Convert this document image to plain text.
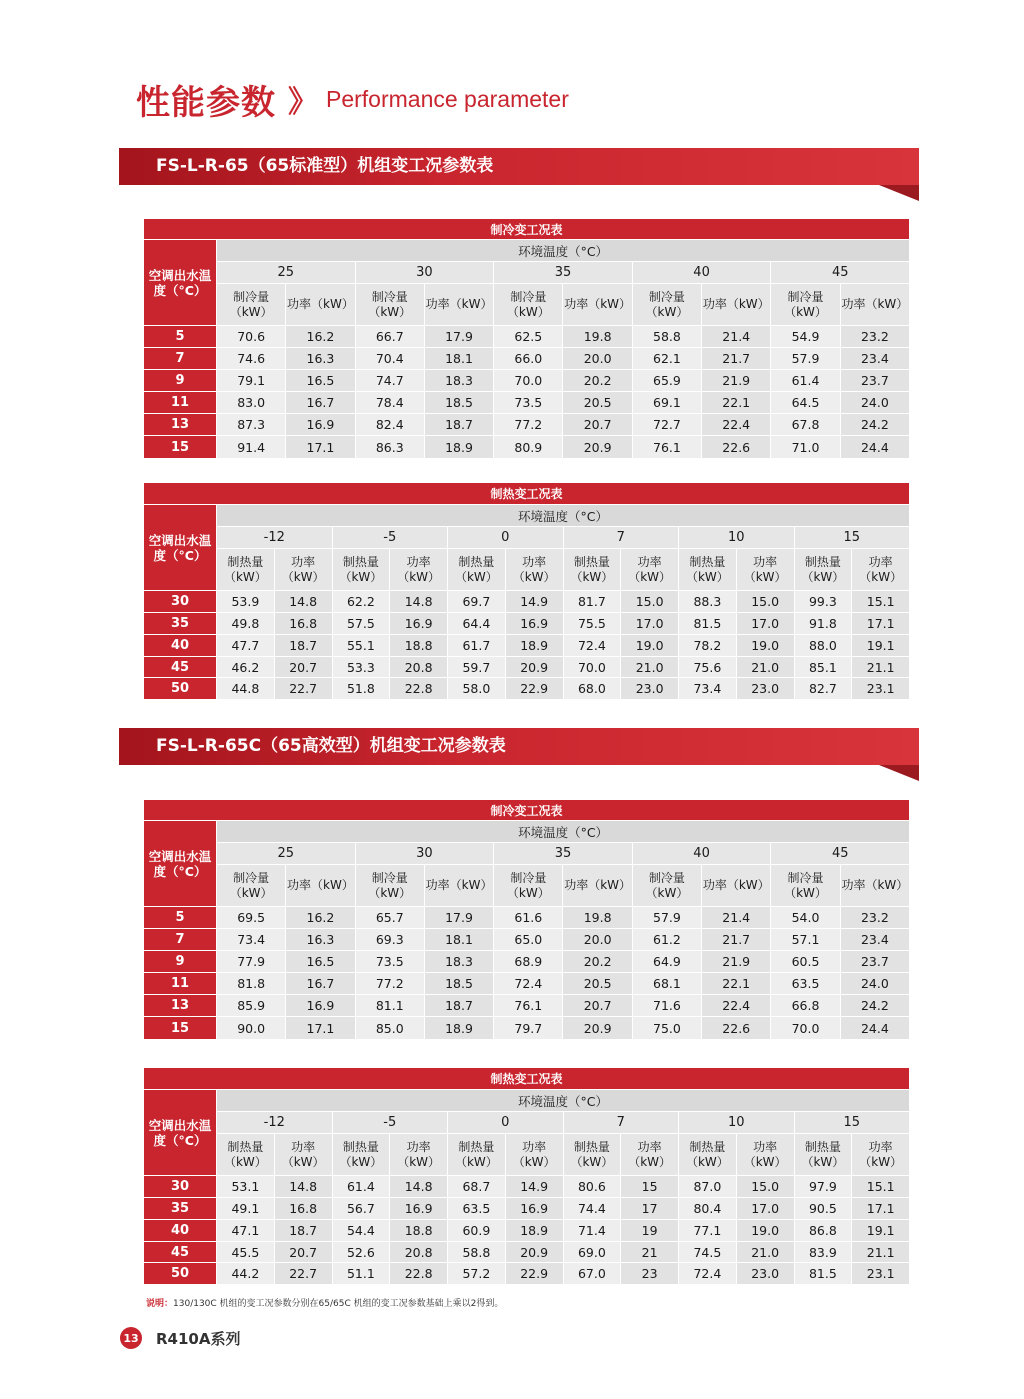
性能参数 》 Performance parameter
FS-L-R-65（65标准型）机组变工况参数表
制冷变工况表										
空调出水温度（°C）	环境温度（°C）									
	25		30		35		40		45	
	制冷量（kW）	功率（kW）	制冷量（kW）	功率（kW）	制冷量（kW）	功率（kW）	制冷量（kW）	功率（kW）	制冷量（kW）	功率（kW）
5	70.6	16.2	66.7	17.9	62.5	19.8	58.8	21.4	54.9	23.2
7	74.6	16.3	70.4	18.1	66.0	20.0	62.1	21.7	57.9	23.4
9	79.1	16.5	74.7	18.3	70.0	20.2	65.9	21.9	61.4	23.7
11	83.0	16.7	78.4	18.5	73.5	20.5	69.1	22.1	64.5	24.0
13	87.3	16.9	82.4	18.7	77.2	20.7	72.7	22.4	67.8	24.2
15	91.4	17.1	86.3	18.9	80.9	20.9	76.1	22.6	71.0	24.4
制热变工况表												
空调出水温度（°C）	环境温度（°C）											
	-12		-5		0		7		10		15	
	制热量（kW）	功率（kW）	制热量（kW）	功率（kW）	制热量（kW）	功率（kW）	制热量（kW）	功率（kW）	制热量（kW）	功率（kW）	制热量（kW）	功率（kW）
30	53.9	14.8	62.2	14.8	69.7	14.9	81.7	15.0	88.3	15.0	99.3	15.1
35	49.8	16.8	57.5	16.9	64.4	16.9	75.5	17.0	81.5	17.0	91.8	17.1
40	47.7	18.7	55.1	18.8	61.7	18.9	72.4	19.0	78.2	19.0	88.0	19.1
45	46.2	20.7	53.3	20.8	59.7	20.9	70.0	21.0	75.6	21.0	85.1	21.1
50	44.8	22.7	51.8	22.8	58.0	22.9	68.0	23.0	73.4	23.0	82.7	23.1
FS-L-R-65C（65高效型）机组变工况参数表
制冷变工况表										
空调出水温度（°C）	环境温度（°C）									
	25		30		35		40		45	
	制冷量（kW）	功率（kW）	制冷量（kW）	功率（kW）	制冷量（kW）	功率（kW）	制冷量（kW）	功率（kW）	制冷量（kW）	功率（kW）
5	69.5	16.2	65.7	17.9	61.6	19.8	57.9	21.4	54.0	23.2
7	73.4	16.3	69.3	18.1	65.0	20.0	61.2	21.7	57.1	23.4
9	77.9	16.5	73.5	18.3	68.9	20.2	64.9	21.9	60.5	23.7
11	81.8	16.7	77.2	18.5	72.4	20.5	68.1	22.1	63.5	24.0
13	85.9	16.9	81.1	18.7	76.1	20.7	71.6	22.4	66.8	24.2
15	90.0	17.1	85.0	18.9	79.7	20.9	75.0	22.6	70.0	24.4
制热变工况表												
空调出水温度（°C）	环境温度（°C）											
	-12		-5		0		7		10		15	
	制热量（kW）	功率（kW）	制热量（kW）	功率（kW）	制热量（kW）	功率（kW）	制热量（kW）	功率（kW）	制热量（kW）	功率（kW）	制热量（kW）	功率（kW）
30	53.1	14.8	61.4	14.8	68.7	14.9	80.6	15	87.0	15.0	97.9	15.1
35	49.1	16.8	56.7	16.9	63.5	16.9	74.4	17	80.4	17.0	90.5	17.1
40	47.1	18.7	54.4	18.8	60.9	18.9	71.4	19	77.1	19.0	86.8	19.1
45	45.5	20.7	52.6	20.8	58.8	20.9	69.0	21	74.5	21.0	83.9	21.1
50	44.2	22.7	51.1	22.8	57.2	22.9	67.0	23	72.4	23.0	81.5	23.1
说明：130/130C 机组的变工况参数分别在65/65C 机组的变工况参数基础上乘以2得到。
13 R410A系列
